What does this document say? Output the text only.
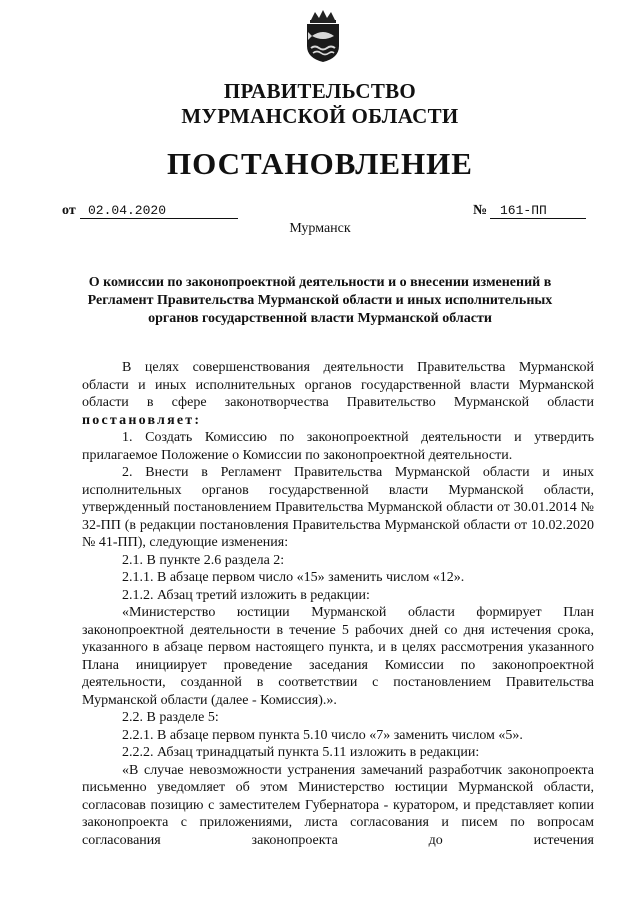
ПРАВИТЕЛЬСТВО
МУРМАНСКОЙ ОБЛАСТИ
ПОСТАНОВЛЕНИЕ
от 02.04.2020	№ 161-ПП
Мурманск
О комиссии по законопроектной деятельности и о внесении изменений в
Регламент Правительства Мурманской области и иных исполнительных
органов государственной власти Мурманской области

В целях совершенствования деятельности Правительства Мурманской области и иных исполнительных органов государственной власти Мурманской области в сфере законотворчества Правительство Мурманской области постановляет:

1. Создать Комиссию по законопроектной деятельности и утвердить прилагаемое Положение о Комиссии по законопроектной деятельности.

2. Внести в Регламент Правительства Мурманской области и иных исполнительных органов государственной власти Мурманской области, утвержденный постановлением Правительства Мурманской области от 30.01.2014 № 32-ПП (в редакции постановления Правительства Мурманской области от 10.02.2020 № 41-ПП), следующие изменения:

2.1. В пункте 2.6 раздела 2:

2.1.1. В абзаце первом число «15» заменить числом «12».

2.1.2. Абзац третий изложить в редакции:

«Министерство юстиции Мурманской области формирует План законопроектной деятельности в течение 5 рабочих дней со дня истечения срока, указанного в абзаце первом настоящего пункта, и в целях рассмотрения указанного Плана инициирует проведение заседания Комиссии по законопроектной деятельности, созданной в соответствии с постановлением Правительства Мурманской области (далее - Комиссия).».

2.2. В разделе 5:

2.2.1. В абзаце первом пункта 5.10 число «7» заменить числом «5».

2.2.2. Абзац тринадцатый пункта 5.11 изложить в редакции:

«В случае невозможности устранения замечаний разработчик законопроекта письменно уведомляет об этом Министерство юстиции Мурманской области, согласовав позицию с заместителем Губернатора - куратором, и представляет копии законопроекта с приложениями, листа согласования и писем по вопросам согласования законопроекта до истечения
